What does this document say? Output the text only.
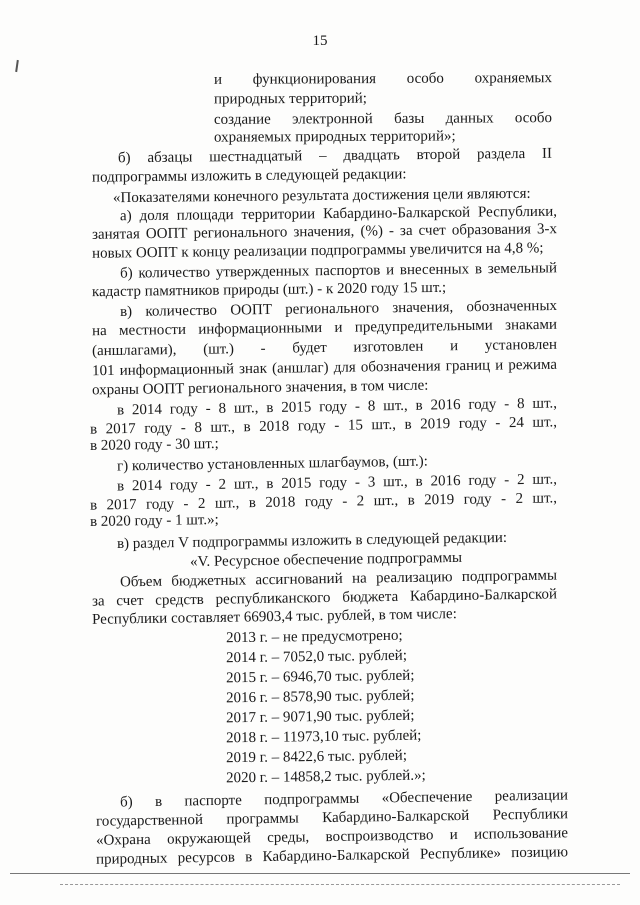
15
и функционирования особо охраняемых
природных территорий;
создание электронной базы данных особо
охраняемых природных территорий»;
б) абзацы шестнадцатый – двадцать второй раздела II
подпрограммы изложить в следующей редакции:
«Показателями конечного результата достижения цели являются:
а) доля площади территории Кабардино-Балкарской Республики,
занятая ООПТ регионального значения, (%) - за счет образования 3-х
новых ООПТ к концу реализации подпрограммы увеличится на 4,8 %;
б) количество утвержденных паспортов и внесенных в земельный
кадастр памятников природы (шт.) - к 2020 году 15 шт.;
в) количество ООПТ регионального значения, обозначенных
на местности информационными и предупредительными знаками
(аншлагами), (шт.) - будет изготовлен и установлен
101 информационный знак (аншлаг) для обозначения границ и режима
охраны ООПТ регионального значения, в том числе:
в 2014 году - 8 шт., в 2015 году - 8 шт., в 2016 году - 8 шт.,
в 2017 году - 8 шт., в 2018 году - 15 шт., в 2019 году - 24 шт.,
в 2020 году - 30 шт.;
г) количество установленных шлагбаумов, (шт.):
в 2014 году - 2 шт., в 2015 году - 3 шт., в 2016 году - 2 шт.,
в 2017 году - 2 шт., в 2018 году - 2 шт., в 2019 году - 2 шт.,
в 2020 году - 1 шт.»;
в) раздел V подпрограммы изложить в следующей редакции:
«V. Ресурсное обеспечение подпрограммы
Объем бюджетных ассигнований на реализацию подпрограммы
за счет средств республиканского бюджета Кабардино-Балкарской
Республики составляет 66903,4 тыс. рублей, в том числе:
2013 г. – не предусмотрено;
2014 г. – 7052,0 тыс. рублей;
2015 г. – 6946,70 тыс. рублей;
2016 г. – 8578,90 тыс. рублей;
2017 г. – 9071,90 тыс. рублей;
2018 г. – 11973,10 тыс. рублей;
2019 г. – 8422,6 тыс. рублей;
2020 г. – 14858,2 тыс. рублей.»;
б) в паспорте подпрограммы «Обеспечение реализации
государственной программы Кабардино-Балкарской Республики
«Охрана окружающей среды, воспроизводство и использование
природных ресурсов в Кабардино-Балкарской Республике» позицию
